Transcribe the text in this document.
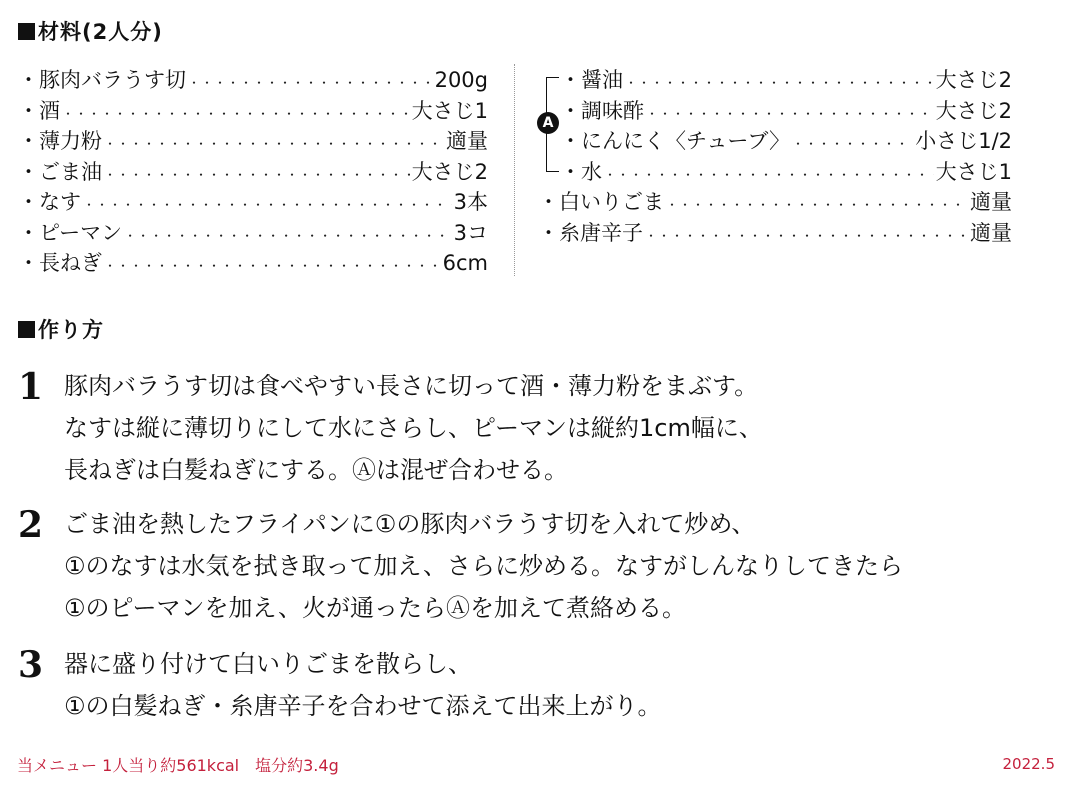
材料(2人分)
・豚肉バラうす切 ・・・・・・・・・・・・・・・・・・・・・・・・・・・・・・・・・・・・・・・・・・・・・・	200g
・酒 ・・・・・・・・・・・・・・・・・・・・・・・・・・・・・・・・・・・・・・・・・・・・・・	大さじ1
・薄力粉 ・・・・・・・・・・・・・・・・・・・・・・・・・・・・・・・・・・・・・・・・・・・・・・	適量
・ごま油 ・・・・・・・・・・・・・・・・・・・・・・・・・・・・・・・・・・・・・・・・・・・・・・	大さじ2
・なす ・・・・・・・・・・・・・・・・・・・・・・・・・・・・・・・・・・・・・・・・・・・・・・	3本
・ピーマン ・・・・・・・・・・・・・・・・・・・・・・・・・・・・・・・・・・・・・・・・・・・・・・	3コ
・長ねぎ ・・・・・・・・・・・・・・・・・・・・・・・・・・・・・・・・・・・・・・・・・・・・・・	6cm
A
・醤油 ・・・・・・・・・・・・・・・・・・・・・・・・・・・・・・・・・・・・・・・・・・・・・・	大さじ2
・調味酢 ・・・・・・・・・・・・・・・・・・・・・・・・・・・・・・・・・・・・・・・・・・・・・・	大さじ2
・にんにく〈チューブ〉 ・・・・・・・・・・・・・・・・・・・・・・・・・・・・・・・・・・・・・・・・・・・・・・	小さじ1/2
・水 ・・・・・・・・・・・・・・・・・・・・・・・・・・・・・・・・・・・・・・・・・・・・・・	大さじ1
・白いりごま ・・・・・・・・・・・・・・・・・・・・・・・・・・・・・・・・・・・・・・・・・・・・・・	適量
・糸唐辛子 ・・・・・・・・・・・・・・・・・・・・・・・・・・・・・・・・・・・・・・・・・・・・・・	適量
作り方
1 豚肉バラうす切は食べやすい長さに切って酒・薄力粉をまぶす。
なすは縦に薄切りにして水にさらし、ピーマンは縦約1cm幅に、
長ねぎは白髪ねぎにする。Ⓐは混ぜ合わせる。
2 ごま油を熱したフライパンに①の豚肉バラうす切を入れて炒め、
①のなすは水気を拭き取って加え、さらに炒める。なすがしんなりしてきたら
①のピーマンを加え、火が通ったらⒶを加えて煮絡める。
3 器に盛り付けて白いりごまを散らし、
①の白髪ねぎ・糸唐辛子を合わせて添えて出来上がり。
当メニュー 1人当り約561kcal　塩分約3.4g	2022.5
